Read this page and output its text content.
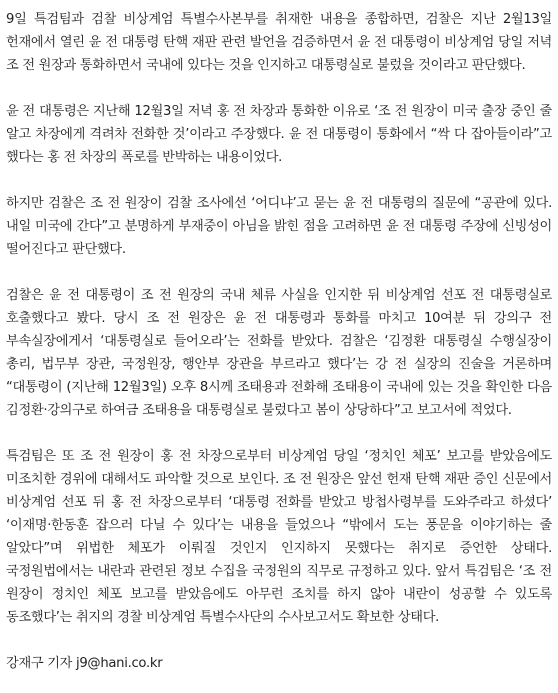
9일 특검팀과 검찰 비상계엄 특별수사본부를 취재한 내용을 종합하면, 검찰은 지난 2월13일 헌재에서 열린 윤 전 대통령 탄핵 재판 관련 발언을 검증하면서 윤 전 대통령이 비상계엄 당일 저녁 조 전 원장과 통화하면서 국내에 있다는 것을 인지하고 대통령실로 불렀을 것이라고 판단했다.

윤 전 대통령은 지난해 12월3일 저녁 홍 전 차장과 통화한 이유로 ‘조 전 원장이 미국 출장 중인 줄 알고 차장에게 격려차 전화한 것’이라고 주장했다. 윤 전 대통령이 통화에서 “싹 다 잡아들이라”고 했다는 홍 전 차장의 폭로를 반박하는 내용이었다.

하지만 검찰은 조 전 원장이 검찰 조사에선 ‘어디냐’고 묻는 윤 전 대통령의 질문에 “공관에 있다. 내일 미국에 간다”고 분명하게 부재중이 아님을 밝힌 점을 고려하면 윤 전 대통령 주장에 신빙성이 떨어진다고 판단했다.

검찰은 윤 전 대통령이 조 전 원장의 국내 체류 사실을 인지한 뒤 비상계엄 선포 전 대통령실로 호출했다고 봤다. 당시 조 전 원장은 윤 전 대통령과 통화를 마치고 10여분 뒤 강의구 전 부속실장에게서 ‘대통령실로 들어오라’는 전화를 받았다. 검찰은 ‘김정환 대통령실 수행실장이 총리, 법무부 장관, 국정원장, 행안부 장관을 부르라고 했다’는 강 전 실장의 진술을 거론하며 “대통령이 (지난해 12월3일) 오후 8시께 조태용과 전화해 조태용이 국내에 있는 것을 확인한 다음 김정환·강의구로 하여금 조태용을 대통령실로 불렀다고 봄이 상당하다”고 보고서에 적었다.

특검팀은 또 조 전 원장이 홍 전 차장으로부터 비상계엄 당일 ‘정치인 체포’ 보고를 받았음에도 미조치한 경위에 대해서도 파악할 것으로 보인다. 조 전 원장은 앞선 헌재 탄핵 재판 증인 신문에서 비상계엄 선포 뒤 홍 전 차장으로부터 ‘대통령 전화를 받았고 방첩사령부를 도와주라고 하셨다’ ‘이재명·한동훈 잡으러 다닐 수 있다’는 내용을 들었으나 “밖에서 도는 풍문을 이야기하는 줄 알았다”며 위법한 체포가 이뤄질 것인지 인지하지 못했다는 취지로 증언한 상태다. 국정원법에서는 내란과 관련된 정보 수집을 국정원의 직무로 규정하고 있다. 앞서 특검팀은 ‘조 전 원장이 정치인 체포 보고를 받았음에도 아무런 조치를 하지 않아 내란이 성공할 수 있도록 동조했다’는 취지의 경찰 비상계엄 특별수사단의 수사보고서도 확보한 상태다.

강재구 기자 j9@hani.co.kr
